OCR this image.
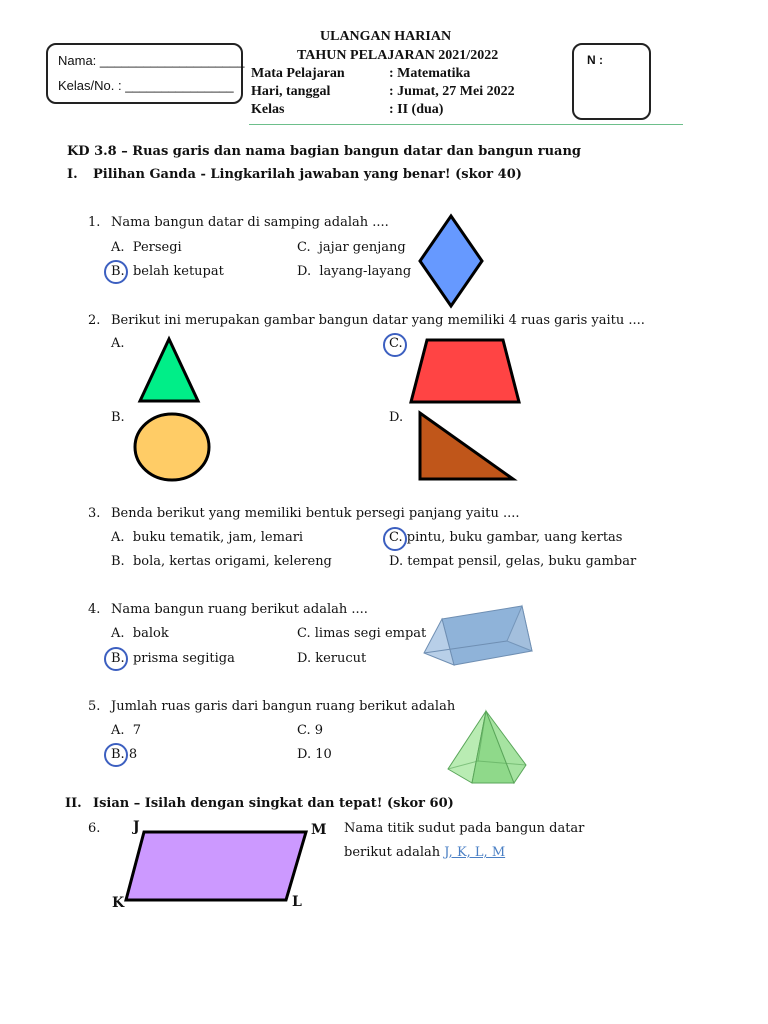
Nama: ____________________
Kelas/No. : _______________
ULANGAN HARIAN
TAHUN PELAJARAN 2021/2022
Mata Pelajaran	: Matematika
Hari, tanggal	: Jumat, 27 Mei 2022
Kelas	: II (dua)
N :
KD 3.8 – Ruas garis dan nama bagian bangun datar dan bangun ruang
I. Pilihan Ganda - Lingkarilah jawaban yang benar! (skor 40)
1. Nama bangun datar di samping adalah ....
A. Persegi
B. belah ketupat
C. jajar genjang
D. layang-layang
2. Berikut ini merupakan gambar bangun datar yang memiliki 4 ruas garis yaitu ....
A.	C.
B.	D.
3. Benda berikut yang memiliki bentuk persegi panjang yaitu ....
A. buku tematik, jam, lemari
B. bola, kertas origami, kelereng
C. pintu, buku gambar, uang kertas
D. tempat pensil, gelas, buku gambar
4. Nama bangun ruang berikut adalah ....
A. balok
B. prisma segitiga
C. limas segi empat
D. kerucut
5. Jumlah ruas garis dari bangun ruang berikut adalah
A. 7
B. 8
C. 9
D. 10
II. Isian – Isilah dengan singkat dan tepat! (skor 60)
6. J	M
K	L
Nama titik sudut pada bangun datar
berikut adalah J, K, L, M
